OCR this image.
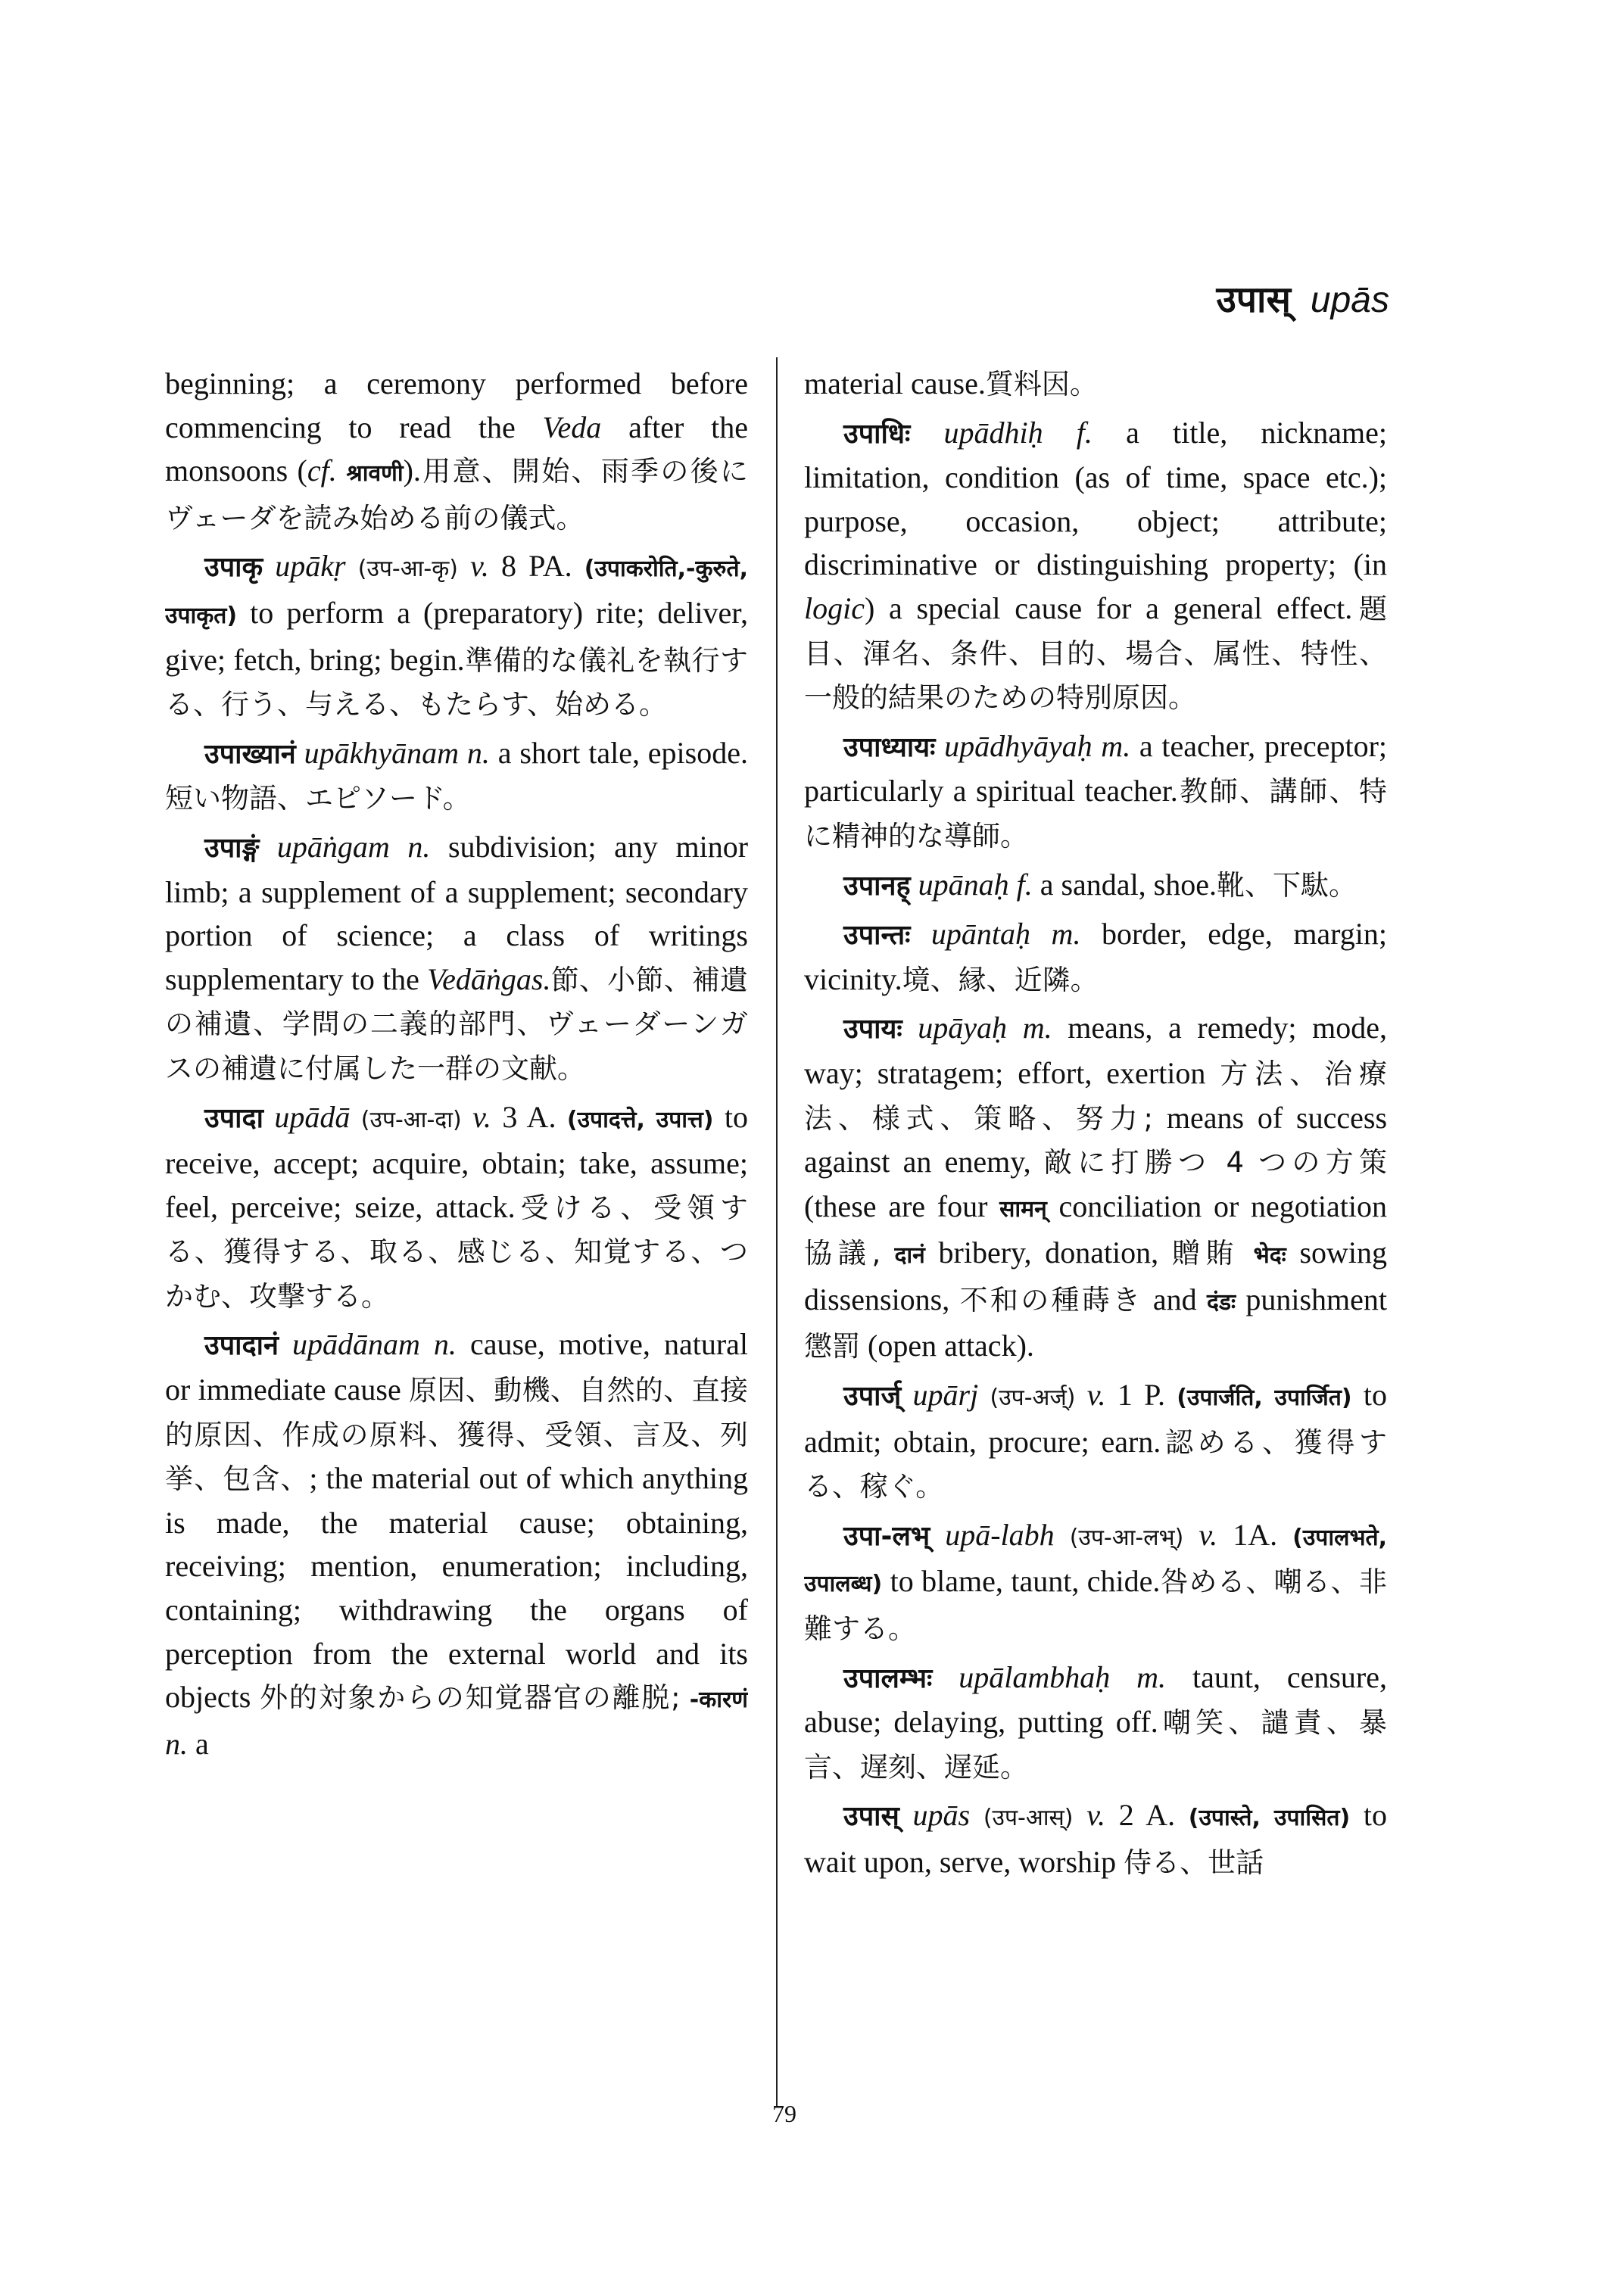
उपास् upās

beginning; a ceremony performed before commencing to read the Veda after the monsoons (cf. श्रावणी).用意、開始、雨季の後にヴェーダを読み始める前の儀式。

उपाकृ upākṛ (उप-आ-कृ) v. 8 PA. (उपाकरोति,-कुरुते, उपाकृत) to perform a (preparatory) rite; deliver, give; fetch, bring; begin.準備的な儀礼を執行する、行う、与える、もたらす、始める。

उपाख्यानं upākhyānam n. a short tale, episode.短い物語、エピソード。

उपाङ्गं upāṅgam n. subdivision; any minor limb; a supplement of a supplement; secondary portion of science; a class of writings supplementary to the Vedāṅgas.節、小節、補遺の補遺、学問の二義的部門、ヴェーダーンガスの補遺に付属した一群の文献。

उपादा upādā (उप-आ-दा) v. 3 A. (उपादत्ते, उपात्त) to receive, accept; acquire, obtain; take, assume; feel, perceive; seize, attack.受ける、受領する、獲得する、取る、感じる、知覚する、つかむ、攻撃する。

उपादानं upādānam n. cause, motive, natural or immediate cause 原因、動機、自然的、直接的原因、作成の原料、獲得、受領、言及、列挙、包含、; the material out of which anything is made, the material cause; obtaining, receiving; mention, enumeration; including, containing; withdrawing the organs of perception from the external world and its objects 外的対象からの知覚器官の離脱; -कारणं n. a

material cause.質料因。

उपाधिः upādhiḥ f. a title, nickname; limitation, condition (as of time, space etc.); purpose, occasion, object; attribute; discriminative or distinguishing property; (in logic) a special cause for a general effect.題目、渾名、条件、目的、場合、属性、特性、一般的結果のための特別原因。

उपाध्यायः upādhyāyaḥ m. a teacher, preceptor; particularly a spiritual teacher.教師、講師、特に精神的な導師。

उपानह् upānaḥ f. a sandal, shoe.靴、下駄。

उपान्तः upāntaḥ m. border, edge, margin; vicinity.境、縁、近隣。

उपायः upāyaḥ m. means, a remedy; mode, way; stratagem; effort, exertion 方法、治療法、様式、策略、努力; means of success against an enemy, 敵に打勝つ 4 つの方策(these are four सामन् conciliation or negotiation 協議, दानं bribery, donation, 贈賄 भेदः sowing dissensions, 不和の種蒔き and दंडः punishment 懲罰 (open attack).

उपार्ज् upārj (उप-अर्ज्) v. 1 P. (उपार्जति, उपार्जित) to admit; obtain, procure; earn.認める、獲得する、稼ぐ。

उपा-लभ् upā-labh (उप-आ-लभ्) v. 1A. (उपालभते, उपालब्ध) to blame, taunt, chide.咎める、嘲る、非難する。

उपालम्भः upālambhaḥ m. taunt, censure, abuse; delaying, putting off.嘲笑、譴責、暴言、遅刻、遅延。

उपास् upās (उप-आस्) v. 2 A. (उपास्ते, उपासित) to wait upon, serve, worship 侍る、世話

79
